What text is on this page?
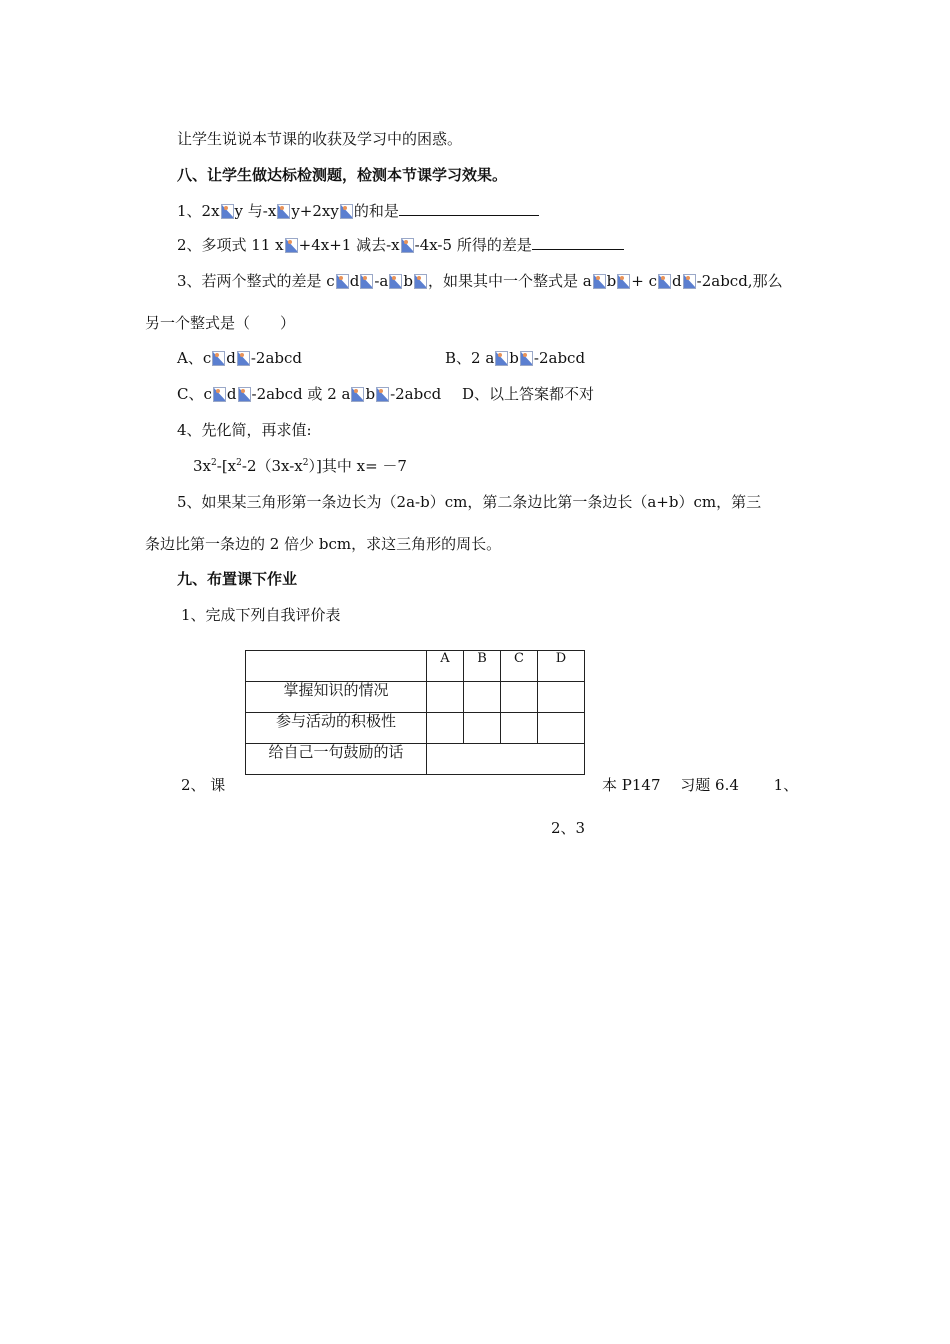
让学生说说本节课的收获及学习中的困惑。
八、让学生做达标检测题，检测本节课学习效果。
1、2x y 与-x y+2xy 的和是
2、多项式 11 x +4x+1 减去-x -4x-5 所得的差是
3、若两个整式的差是 c d -a b ，如果其中一个整式是 a b + c d -2abcd,那么
另一个整式是（　　）
A、c d -2abcd	B、2 a b -2abcd
C、c d -2abcd 或 2 a b -2abcd D、以上答案都不对
4、先化简，再求值:
$3x^2-[x^2-2(3x-x^2)]$其中 x= －7
5、如果某三角形第一条边长为（2a-b）cm，第二条边比第一条边长（a+b）cm，第三
条边比第一条边的 2 倍少 bcm，求这三角形的周长。
九、布置课下作业
1、完成下列自我评价表
	A	B	C	D
掌握知识的情况				
参与活动的积极性				
给自己一句鼓励的话				
2、 课	本 P147　 习题 6.4　　 1、
2、3
